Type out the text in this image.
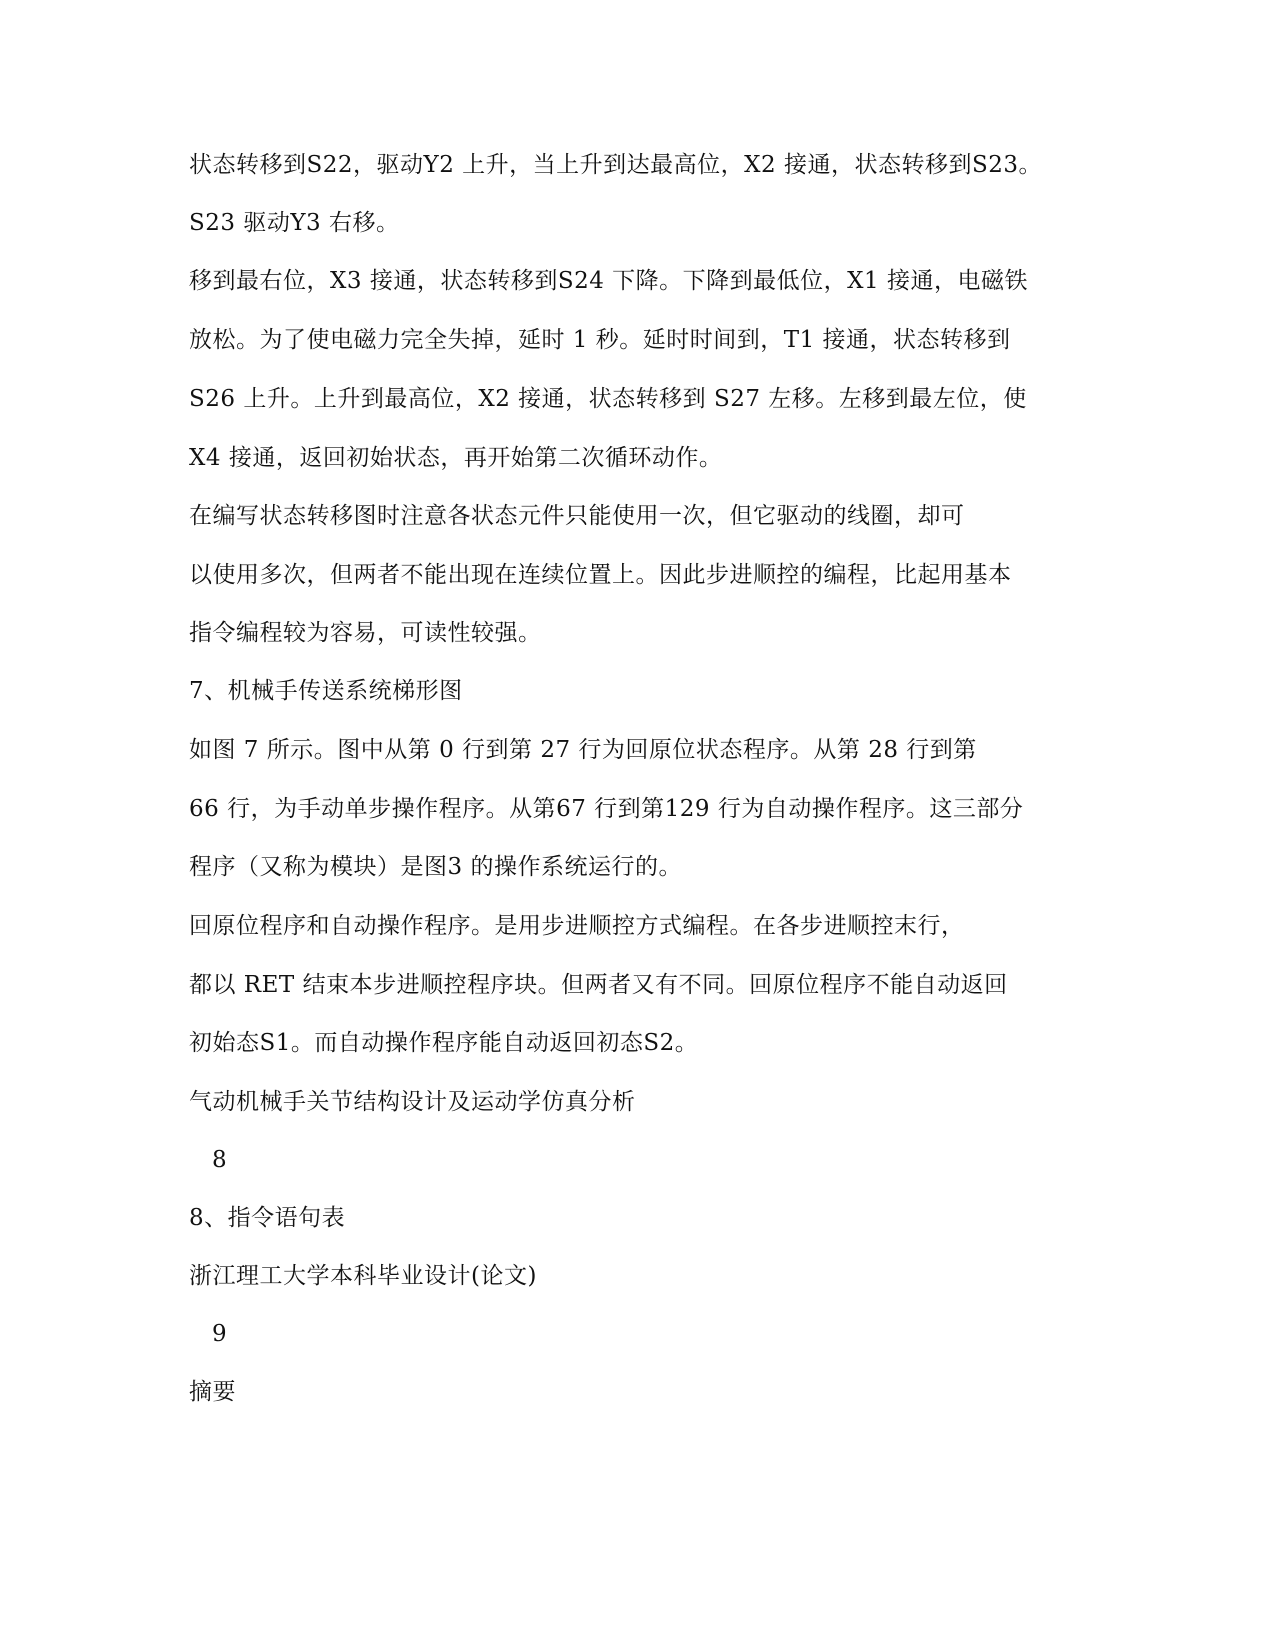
状态转移到S22，驱动Y2 上升，当上升到达最高位，X2 接通，状态转移到S23。
S23 驱动Y3 右移。
移到最右位，X3 接通，状态转移到S24 下降。下降到最低位，X1 接通，电磁铁
放松。为了使电磁力完全失掉，延时 1 秒。延时时间到，T1 接通，状态转移到
S26 上升。上升到最高位，X2 接通，状态转移到 S27 左移。左移到最左位，使
X4 接通，返回初始状态，再开始第二次循环动作。
在编写状态转移图时注意各状态元件只能使用一次，但它驱动的线圈，却可
以使用多次，但两者不能出现在连续位置上。因此步进顺控的编程，比起用基本
指令编程较为容易，可读性较强。
7、机械手传送系统梯形图
如图 7 所示。图中从第 0 行到第 27 行为回原位状态程序。从第 28 行到第
66 行，为手动单步操作程序。从第67 行到第129 行为自动操作程序。这三部分
程序（又称为模块）是图3 的操作系统运行的。
回原位程序和自动操作程序。是用步进顺控方式编程。在各步进顺控末行，
都以 RET 结束本步进顺控程序块。但两者又有不同。回原位程序不能自动返回
初始态S1。而自动操作程序能自动返回初态S2。
气动机械手关节结构设计及运动学仿真分析
8
8、指令语句表
浙江理工大学本科毕业设计(论文)
9
摘要
